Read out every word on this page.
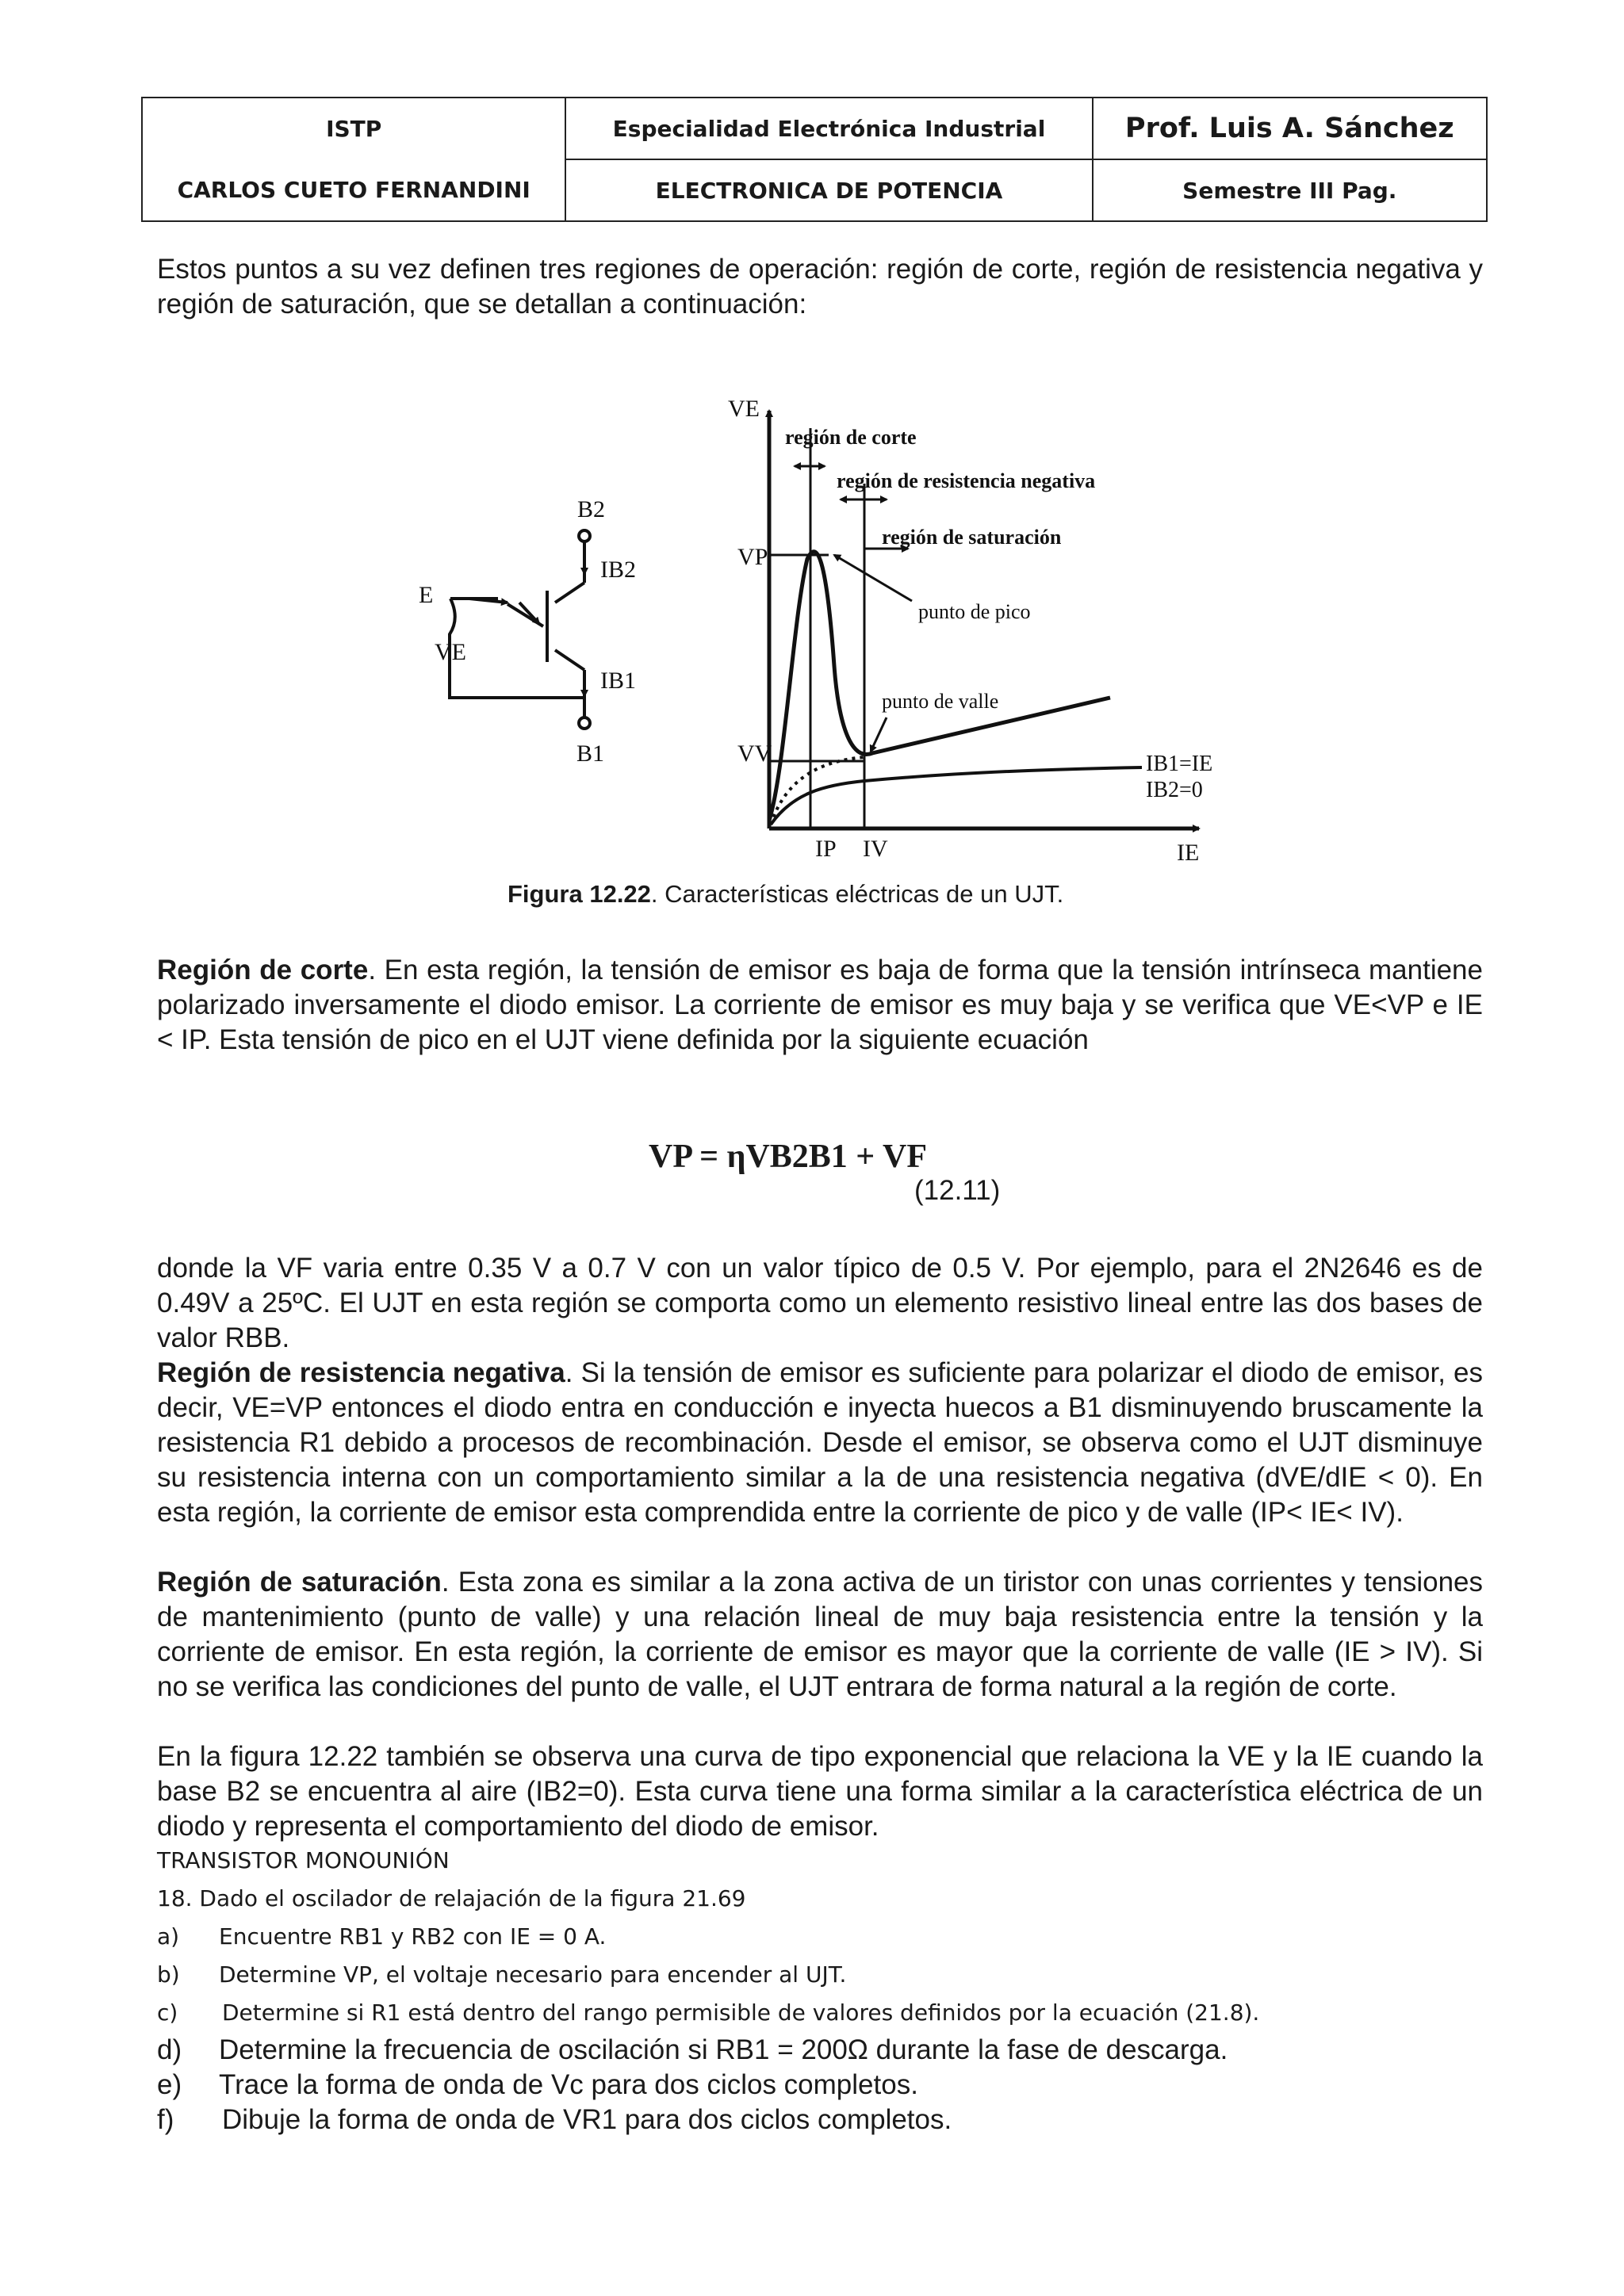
ISTP	Especialidad Electrónica Industrial	Prof. Luis A. Sánchez
CARLOS CUETO FERNANDINI	ELECTRONICA DE POTENCIA	Semestre III Pag.
Estos puntos a su vez definen tres regiones de operación: región de corte, región de resistencia negativa y región de saturación, que se detallan a continuación:
B2
E
VE
IB2
IB1
B1
VE
IE
VP
VV
IP IV
región de corte
región de resistencia negativa
región de saturación
punto de pico
punto de valle
IB1=IE
IB2=0
Figura 12.22. Características eléctricas de un UJT.
Región de corte. En esta región, la tensión de emisor es baja de forma que la tensión intrínseca mantiene polarizado inversamente el diodo emisor. La corriente de emisor es muy baja y se verifica que VE<VP e IE < IP. Esta tensión de pico en el UJT viene definida por la siguiente ecuación
VP = ηVB2B1 + VF
(12.11)
donde la VF varia entre 0.35 V a 0.7 V con un valor típico de 0.5 V. Por ejemplo, para el 2N2646 es de 0.49V a 25ºC. El UJT en esta región se comporta como un elemento resistivo lineal entre las dos bases de valor RBB.
Región de resistencia negativa. Si la tensión de emisor es suficiente para polarizar el diodo de emisor, es decir, VE=VP entonces el diodo entra en conducción e inyecta huecos a B1 disminuyendo bruscamente la resistencia R1 debido a procesos de recombinación. Desde el emisor, se observa como el UJT disminuye su resistencia interna con un comportamiento similar a la de una resistencia negativa (dVE/dIE < 0). En esta región, la corriente de emisor esta comprendida entre la corriente de pico y de valle (IP< IE< IV).
Región de saturación. Esta zona es similar a la zona activa de un tiristor con unas corrientes y tensiones de mantenimiento (punto de valle) y una relación lineal de muy baja resistencia entre la tensión y la corriente de emisor. En esta región, la corriente de emisor es mayor que la corriente de valle (IE > IV). Si no se verifica las condiciones del punto de valle, el UJT entrara de forma natural a la región de corte.
En la figura 12.22 también se observa una curva de tipo exponencial que relaciona la VE y la IE cuando la base B2 se encuentra al aire (IB2=0). Esta curva tiene una forma similar a la característica eléctrica de un diodo y representa el comportamiento del diodo de emisor.
TRANSISTOR MONOUNIÓN
18. Dado el oscilador de relajación de la figura 21.69
a) Encuentre RB1 y RB2 con IE = 0 A.
b) Determine VP, el voltaje necesario para encender al UJT.
c) Determine si R1 está dentro del rango permisible de valores definidos por la ecuación (21.8).
d) Determine la frecuencia de oscilación si RB1 = 200Ω durante la fase de descarga.
e) Trace la forma de onda de Vc para dos ciclos completos.
f) Dibuje la forma de onda de VR1 para dos ciclos completos.
